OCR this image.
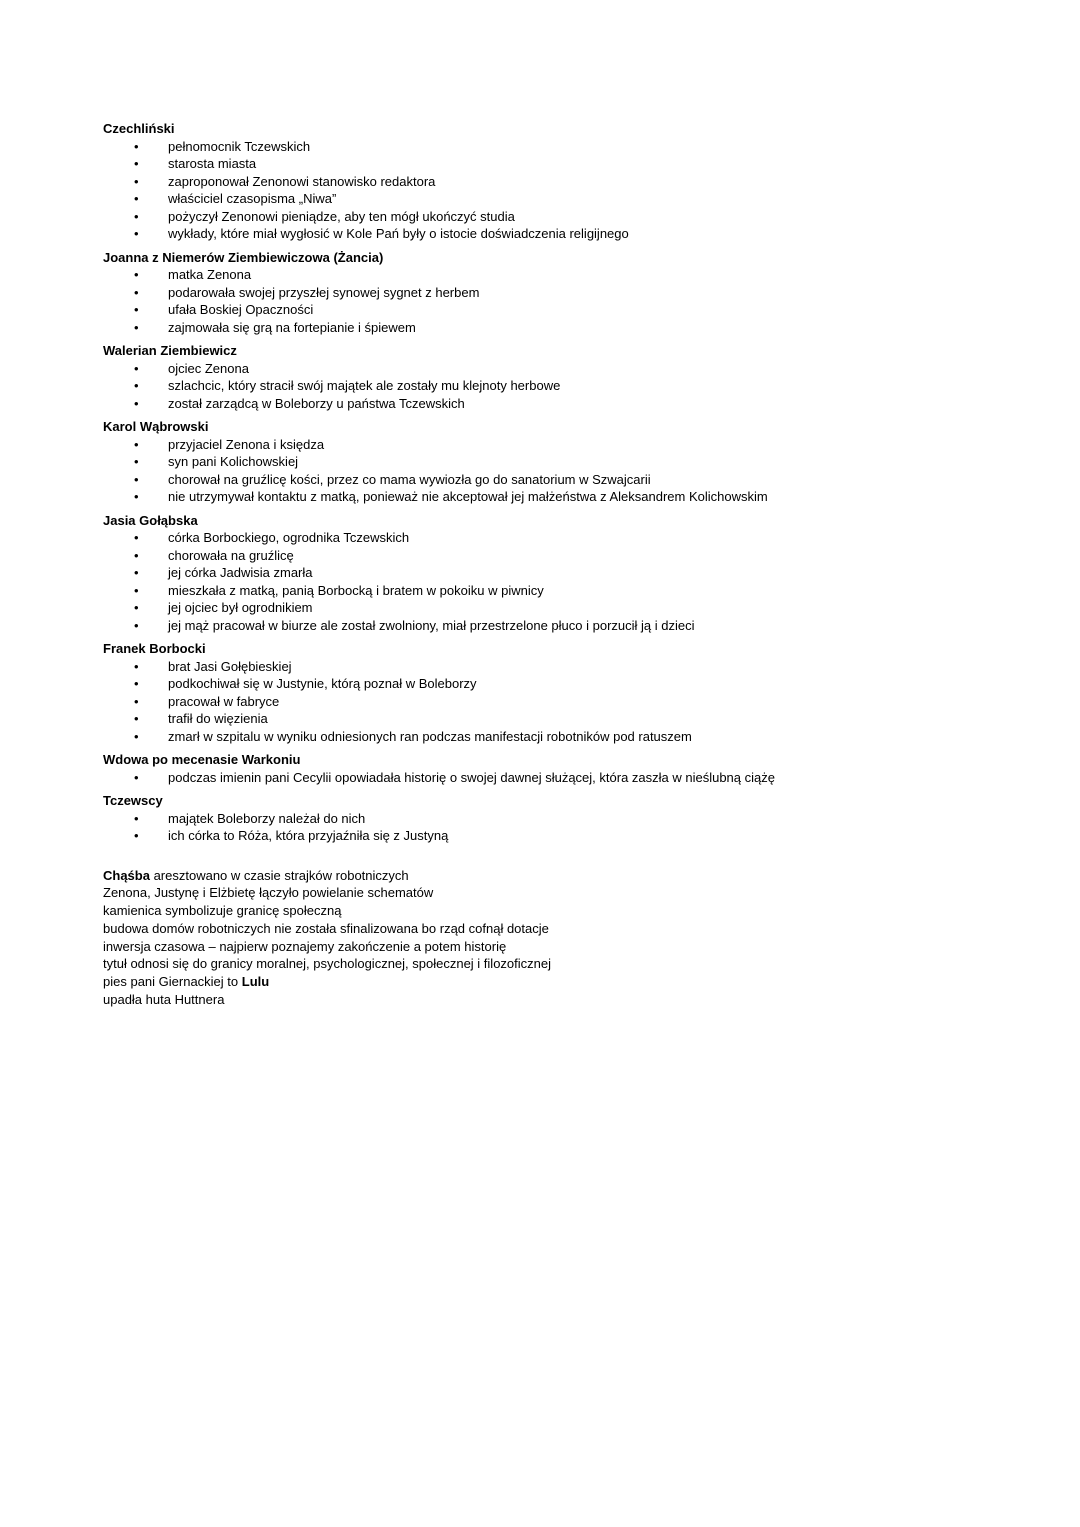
Czechliński
• pełnomocnik Tczewskich
• starosta miasta
• zaproponował Zenonowi stanowisko redaktora
• właściciel czasopisma „Niwa”
• pożyczył Zenonowi pieniądze, aby ten mógł ukończyć studia
• wykłady, które miał wygłosić w Kole Pań były o istocie doświadczenia religijnego
Joanna z Niemerów Ziembiewiczowa (Żancia)
• matka Zenona
• podarowała swojej przyszłej synowej sygnet z herbem
• ufała Boskiej Opaczności
• zajmowała się grą na fortepianie i śpiewem
Walerian Ziembiewicz
• ojciec Zenona
• szlachcic, który stracił swój majątek ale zostały mu klejnoty herbowe
• został zarządcą w Boleborzy u państwa Tczewskich
Karol Wąbrowski
• przyjaciel Zenona i księdza
• syn pani Kolichowskiej
• chorował na gruźlicę kości, przez co mama wywiozła go do sanatorium w Szwajcarii
• nie utrzymywał kontaktu z matką, ponieważ nie akceptował jej małżeństwa z Aleksandrem Kolichowskim
Jasia Gołąbska
• córka Borbockiego, ogrodnika Tczewskich
• chorowała na gruźlicę
• jej córka Jadwisia zmarła
• mieszkała z matką, panią Borbocką i bratem w pokoiku w piwnicy
• jej ojciec był ogrodnikiem
• jej mąż pracował w biurze ale został zwolniony, miał przestrzelone płuco i porzucił ją i dzieci
Franek Borbocki
• brat Jasi Gołębieskiej
• podkochiwał się w Justynie, którą poznał w Boleborzy
• pracował w fabryce
• trafił do więzienia
• zmarł w szpitalu w wyniku odniesionych ran podczas manifestacji robotników pod ratuszem
Wdowa po mecenasie Warkoniu
• podczas imienin pani Cecylii opowiadała historię o swojej dawnej służącej, która zaszła w nieślubną ciążę
Tczewscy
• majątek Boleborzy należał do nich
• ich córka to Róża, która przyjaźniła się z Justyną
Chąśba aresztowano w czasie strajków robotniczych
Zenona, Justynę i Elżbietę łączyło powielanie schematów
kamienica symbolizuje granicę społeczną
budowa domów robotniczych nie została sfinalizowana bo rząd cofnął dotacje
inwersja czasowa – najpierw poznajemy zakończenie a potem historię
tytuł odnosi się do granicy moralnej, psychologicznej, społecznej i filozoficznej
pies pani Giernackiej to Lulu
upadła huta Huttnera
